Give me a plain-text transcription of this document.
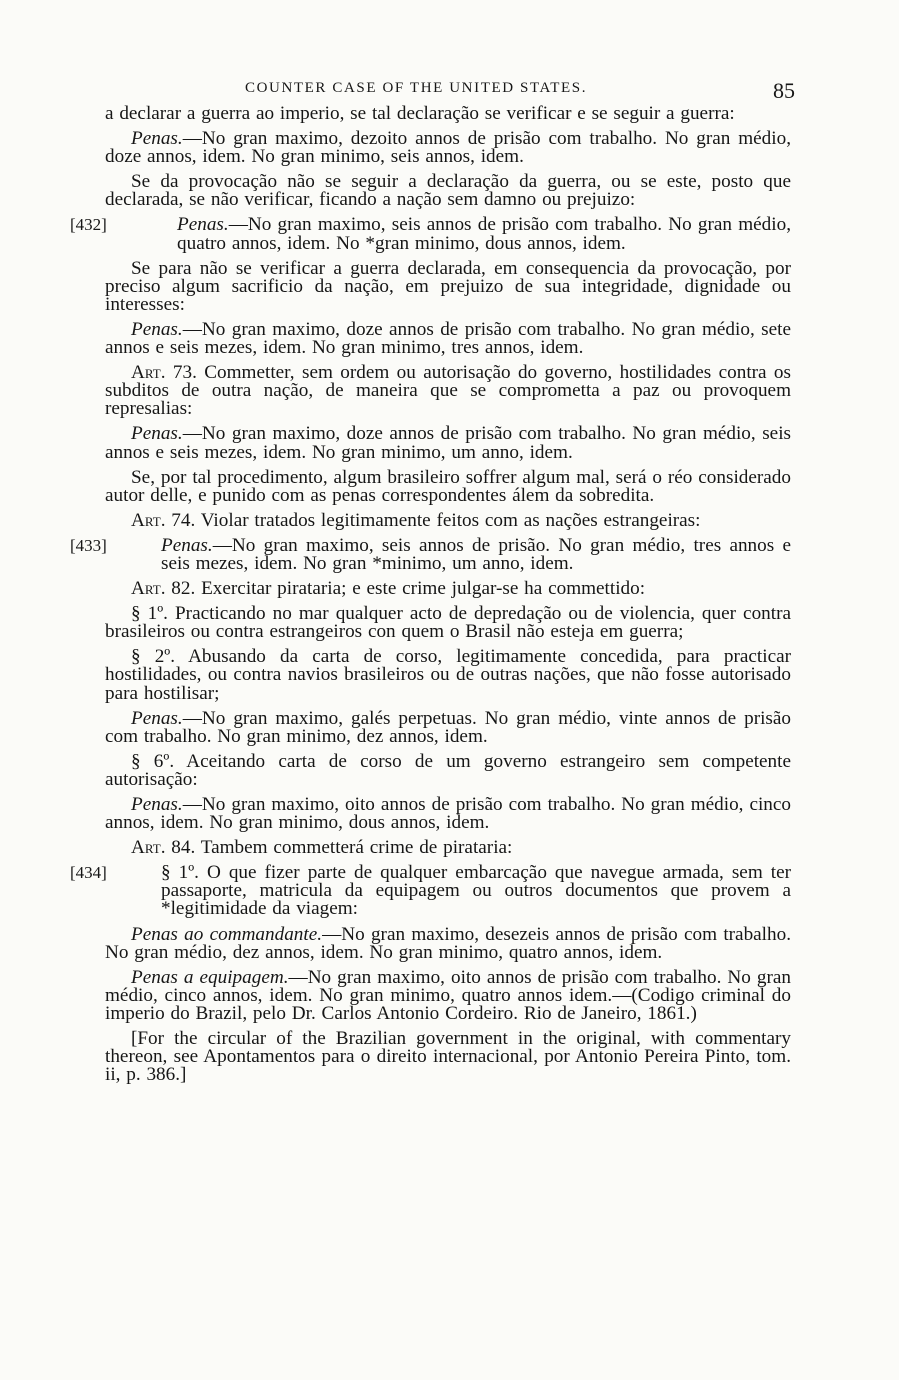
COUNTER CASE OF THE UNITED STATES.	85

a declarar a guerra ao imperio, se tal declaração se verificar e se seguir a guerra:

Penas.—No gran maximo, dezoito annos de prisão com trabalho. No gran médio, doze annos, idem. No gran minimo, seis annos, idem.

Se da provocação não se seguir a declaração da guerra, ou se este, posto que declarada, se não verificar, ficando a nação sem damno ou prejuizo:

[432]	Penas.—No gran maximo, seis annos de prisão com trabalho. No gran médio, quatro annos, idem. No *gran minimo, dous annos, idem.

Se para não se verificar a guerra declarada, em consequencia da provocação, por preciso algum sacrificio da nação, em prejuizo de sua integridade, dignidade ou interesses:

Penas.—No gran maximo, doze annos de prisão com trabalho. No gran médio, sete annos e seis mezes, idem. No gran minimo, tres annos, idem.

Art. 73. Commetter, sem ordem ou autorisação do governo, hostilidades contra os subditos de outra nação, de maneira que se comprometta a paz ou provoquem represalias:

Penas.—No gran maximo, doze annos de prisão com trabalho. No gran médio, seis annos e seis mezes, idem. No gran minimo, um anno, idem.

Se, por tal procedimento, algum brasileiro soffrer algum mal, será o réo considerado autor delle, e punido com as penas correspondentes álem da sobredita.

Art. 74. Violar tratados legitimamente feitos com as nações estrangeiras:

[433]	Penas.—No gran maximo, seis annos de prisão. No gran médio, tres annos e seis mezes, idem. No gran *minimo, um anno, idem.

Art. 82. Exercitar pirataria; e este crime julgar-se ha commettido:

§ 1º. Practicando no mar qualquer acto de depredação ou de violencia, quer contra brasileiros ou contra estrangeiros con quem o Brasil não esteja em guerra;

§ 2º. Abusando da carta de corso, legitimamente concedida, para practicar hostilidades, ou contra navios brasileiros ou de outras nações, que não fosse autorisado para hostilisar;

Penas.—No gran maximo, galés perpetuas. No gran médio, vinte annos de prisão com trabalho. No gran minimo, dez annos, idem.

§ 6º. Aceitando carta de corso de um governo estrangeiro sem competente autorisação:

Penas.—No gran maximo, oito annos de prisão com trabalho. No gran médio, cinco annos, idem. No gran minimo, dous annos, idem.

Art. 84. Tambem commetterá crime de pirataria:

[434]	§ 1º. O que fizer parte de qualquer embarcação que navegue armada, sem ter passaporte, matricula da equipagem ou outros documentos que provem a *legitimidade da viagem:

Penas ao commandante.—No gran maximo, desezeis annos de prisão com trabalho. No gran médio, dez annos, idem. No gran minimo, quatro annos, idem.

Penas a equipagem.—No gran maximo, oito annos de prisão com trabalho. No gran médio, cinco annos, idem. No gran minimo, quatro annos idem.—(Codigo criminal do imperio do Brazil, pelo Dr. Carlos Antonio Cordeiro. Rio de Janeiro, 1861.)

[For the circular of the Brazilian government in the original, with commentary thereon, see Apontamentos para o direito internacional, por Antonio Pereira Pinto, tom. ii, p. 386.]
